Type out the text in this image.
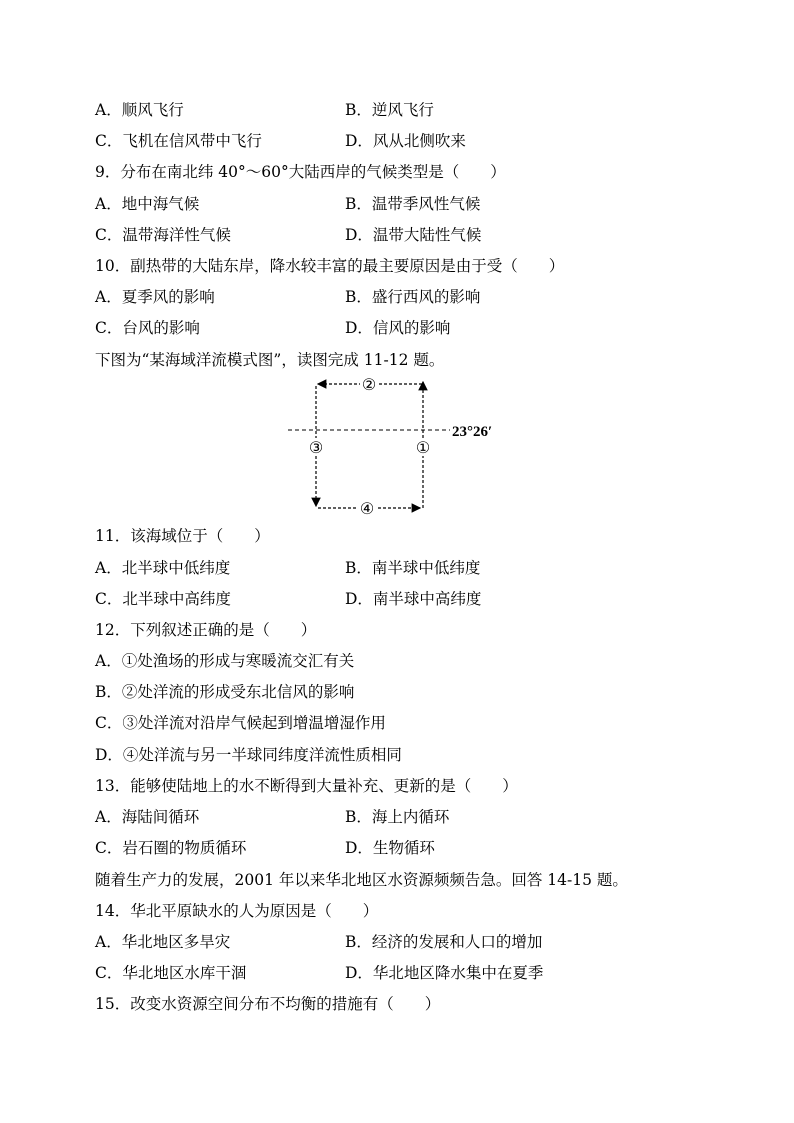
A．顺风飞行	B．逆风飞行
C．飞机在信风带中飞行	D．风从北侧吹来
9．分布在南北纬 40°～60°大陆西岸的气候类型是（　　）
A．地中海气候	B．温带季风性气候
C．温带海洋性气候	D．温带大陆性气候
10．副热带的大陆东岸，降水较丰富的最主要原因是由于受（　　）
A．夏季风的影响	B．盛行西风的影响
C．台风的影响	D．信风的影响
下图为“某海域洋流模式图”，读图完成 11-12 题。
②
③	①
④
23°26′
11．该海域位于（　　）
A．北半球中低纬度	B．南半球中低纬度
C．北半球中高纬度	D．南半球中高纬度
12．下列叙述正确的是（　　）
A．①处渔场的形成与寒暖流交汇有关
B．②处洋流的形成受东北信风的影响
C．③处洋流对沿岸气候起到增温增湿作用
D．④处洋流与另一半球同纬度洋流性质相同
13．能够使陆地上的水不断得到大量补充、更新的是（　　）
A．海陆间循环	B．海上内循环
C．岩石圈的物质循环	D．生物循环
随着生产力的发展，2001 年以来华北地区水资源频频告急。回答 14-15 题。
14．华北平原缺水的人为原因是（　　）
A．华北地区多旱灾	B．经济的发展和人口的增加
C．华北地区水库干涸	D．华北地区降水集中在夏季
15．改变水资源空间分布不均衡的措施有（　　）
